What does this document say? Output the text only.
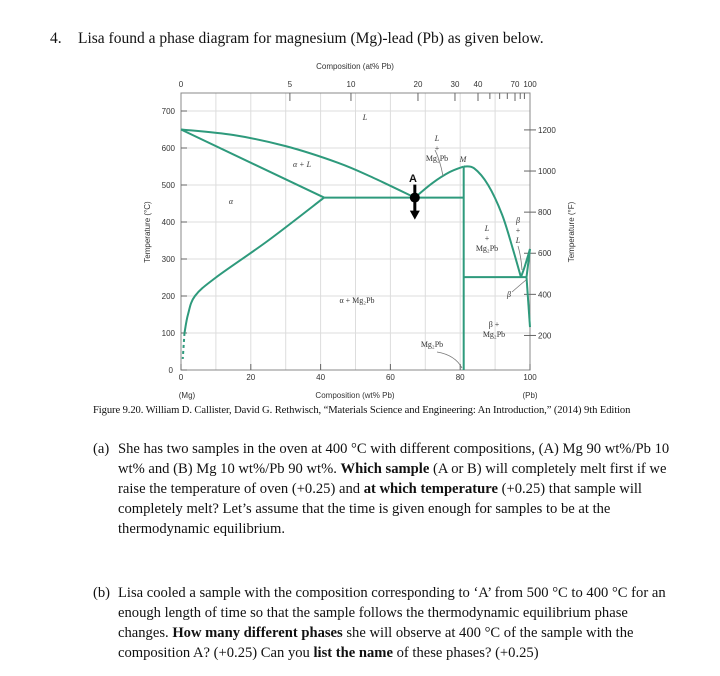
4. Lisa found a phase diagram for magnesium (Mg)-lead (Pb) as given below.
Composition (at% Pb)
0	5	10	20	30 40	70 100
0
100
200
300
400
500
600
700
Temperature (°C)
200
400
600
800
1000
1200
Temperature (°F)
0	20	40	60	80	100
Composition (wt% Pb)
(Mg)	(Pb)
L
α + L
α
L
+
Mg₂Pb M
A
L
+
Mg₂Pb
β
+
L
β
α + Mg₂Pb
β +
Mg₂Pb
Mg₂Pb
Figure 9.20. William D. Callister, David G. Rethwisch, “Materials Science and Engineering: An Introduction,” (2014) 9th Edition
(a) She has two samples in the oven at 400 °C with different compositions, (A) Mg 90 wt%/Pb 10 wt% and (B) Mg 10 wt%/Pb 90 wt%. Which sample (A or B) will completely melt first if we raise the temperature of oven (+0.25) and at which temperature (+0.25) that sample will completely melt? Let’s assume that the time is given enough for samples to be at the thermodynamic equilibrium.
(b) Lisa cooled a sample with the composition corresponding to ‘A’ from 500 °C to 400 °C for an enough length of time so that the sample follows the thermodynamic equilibrium phase changes. How many different phases she will observe at 400 °C of the sample with the composition A? (+0.25) Can you list the name of these phases? (+0.25)
